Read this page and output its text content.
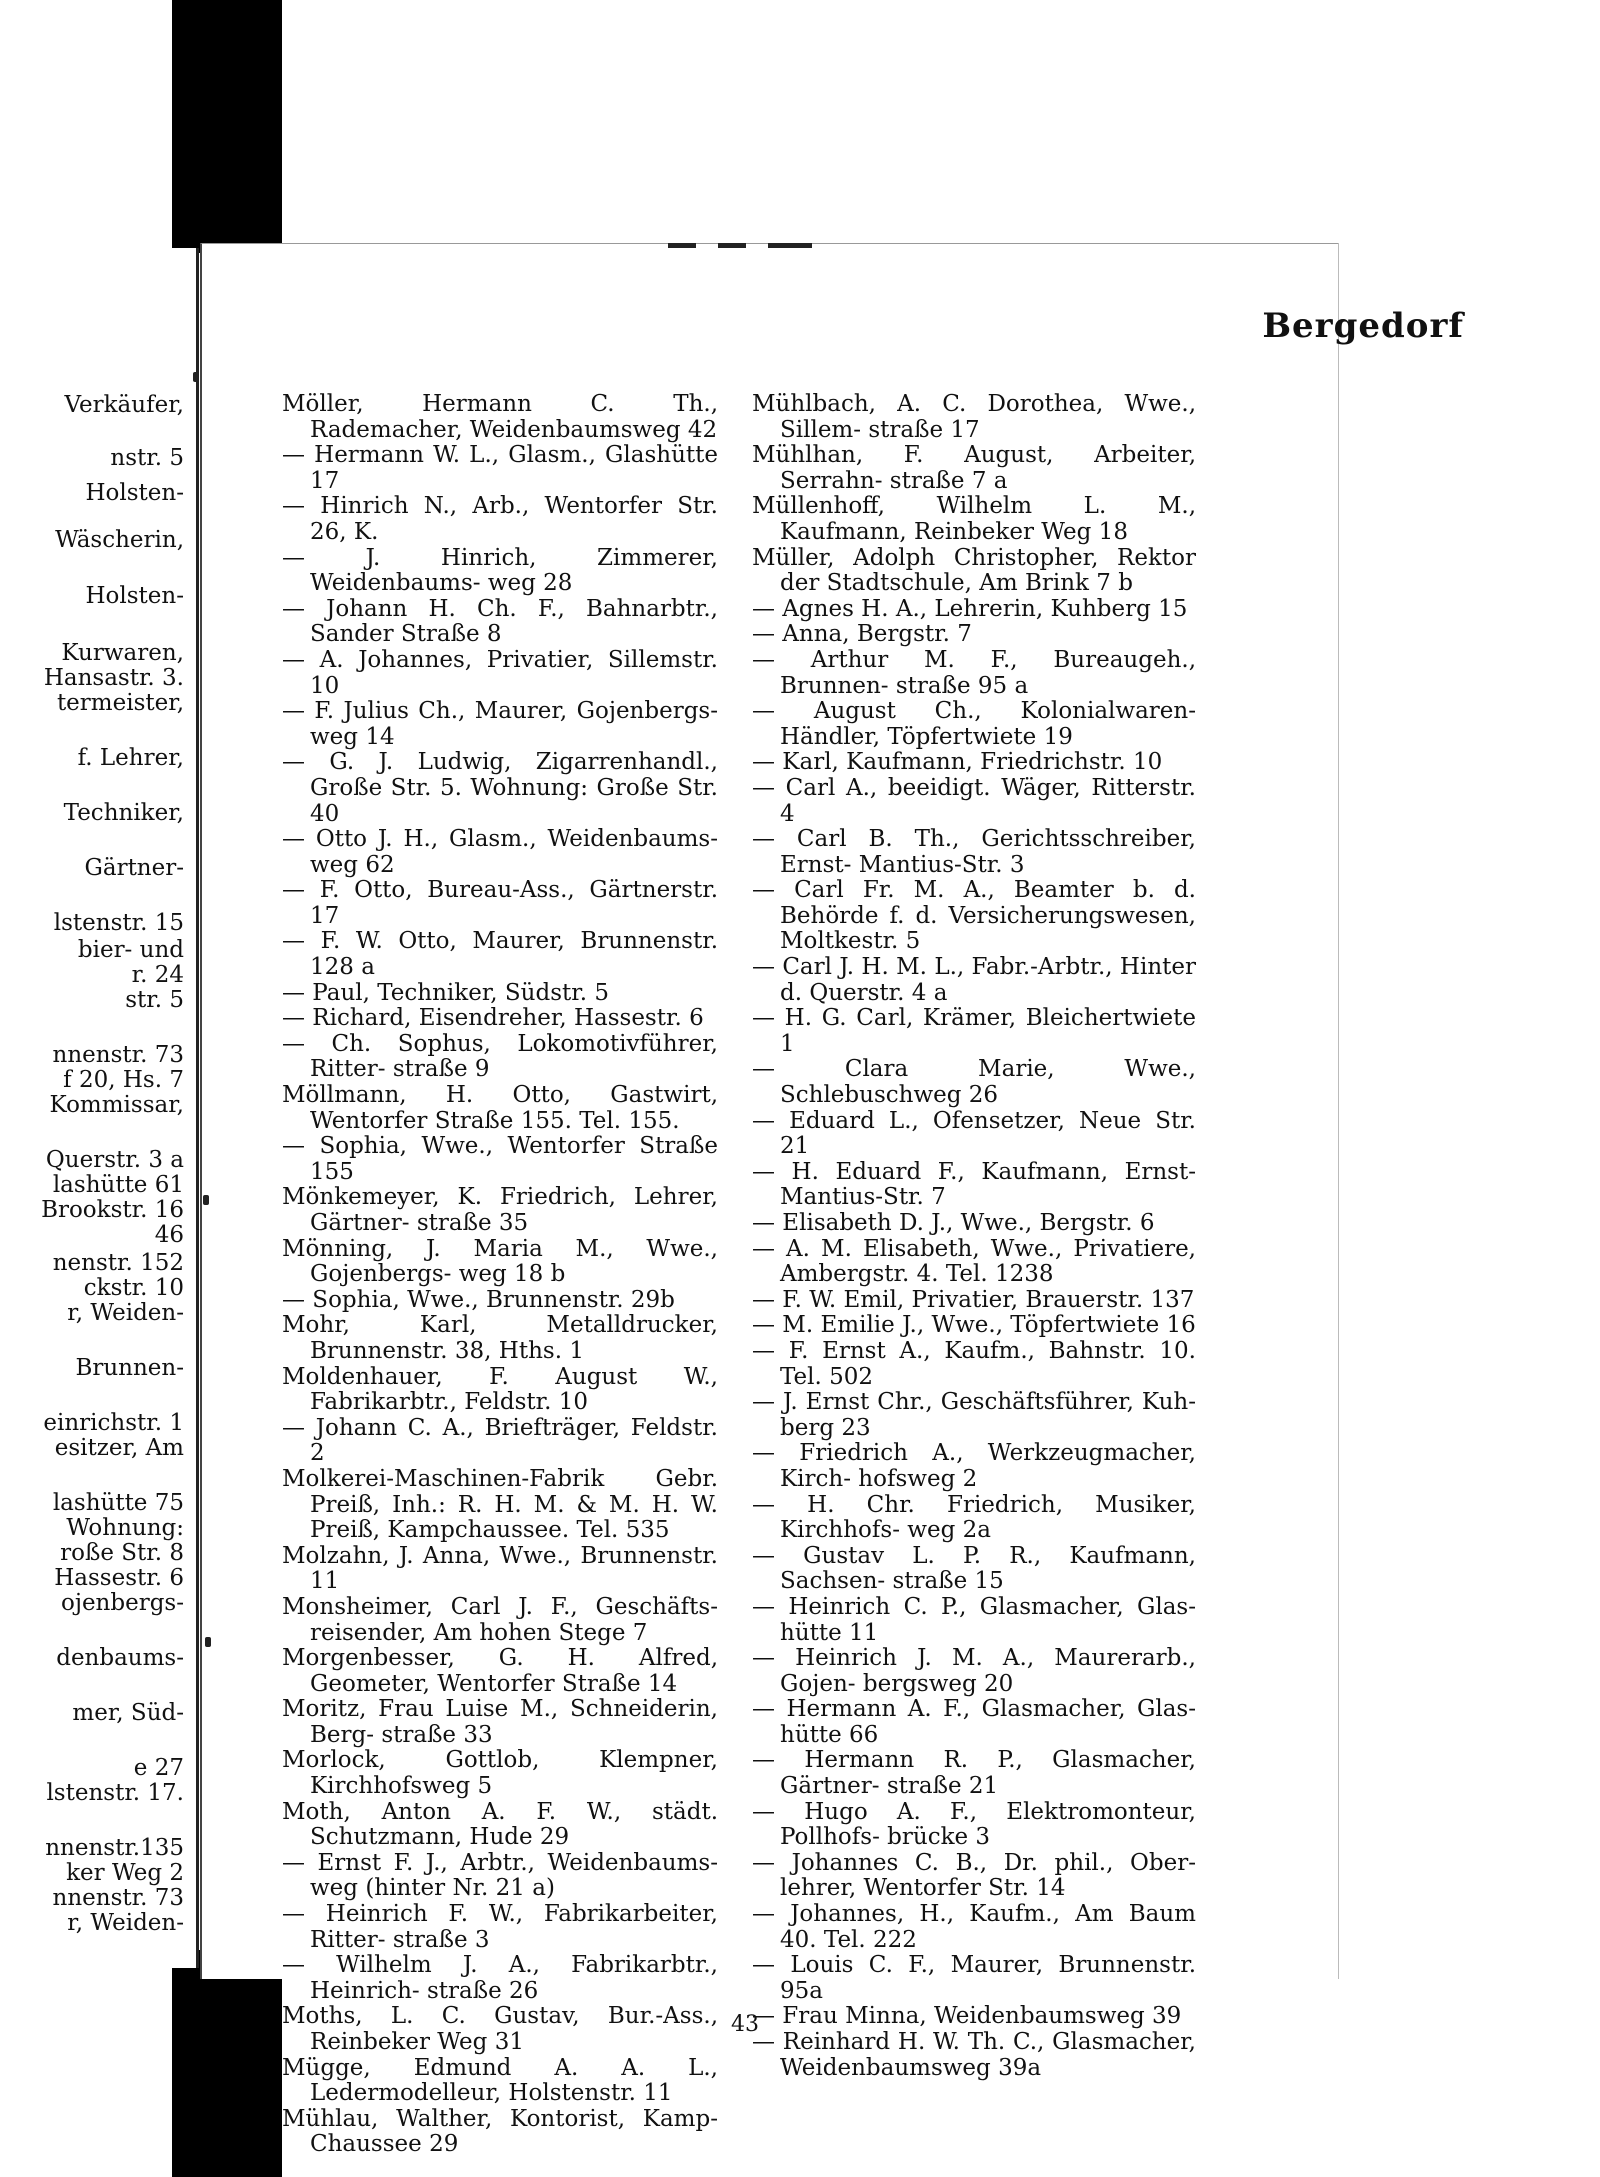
Verkäufer,
nstr. 5
Holsten-
Wäscherin,
Holsten-
Kurwaren,
Hansastr. 3.
termeister,
f. Lehrer,
Techniker,
Gärtner-
lstenstr. 15
bier- und
r. 24
str. 5
nnenstr. 73
f 20, Hs. 7
Kommissar,
Querstr. 3 a
lashütte 61
Brookstr. 16
46
nenstr. 152
ckstr. 10
r, Weiden-
Brunnen-
einrichstr. 1
esitzer, Am
lashütte 75
Wohnung:
roße Str. 8
Hassestr. 6
ojenbergs-
denbaums-
mer, Süd-
e 27
lstenstr. 17.
nnenstr.135
ker Weg 2
nnenstr. 73
r, Weiden-
Bergedorf

Möller, Hermann C. Th., Rademacher, Weidenbaumsweg 42

— Hermann W. L., Glasm., Glashütte 17

— Hinrich N., Arb., Wentorfer Str. 26, K.

— J. Hinrich, Zimmerer, Weidenbaums- weg 28

— Johann H. Ch. F., Bahnarbtr., Sander Straße 8

— A. Johannes, Privatier, Sillemstr. 10

— F. Julius Ch., Maurer, Gojenbergs- weg 14

— G. J. Ludwig, Zigarrenhandl., Große Str. 5. Wohnung: Große Str. 40

— Otto J. H., Glasm., Weidenbaums- weg 62

— F. Otto, Bureau-Ass., Gärtnerstr. 17

— F. W. Otto, Maurer, Brunnenstr. 128 a

— Paul, Techniker, Südstr. 5

— Richard, Eisendreher, Hassestr. 6

— Ch. Sophus, Lokomotivführer, Ritter- straße 9

Möllmann, H. Otto, Gastwirt, Wentorfer Straße 155. Tel. 155.

— Sophia, Wwe., Wentorfer Straße 155

Mönkemeyer, K. Friedrich, Lehrer, Gärtner- straße 35

Mönning, J. Maria M., Wwe., Gojenbergs- weg 18 b

— Sophia, Wwe., Brunnenstr. 29b

Mohr, Karl, Metalldrucker, Brunnenstr. 38, Hths. 1

Moldenhauer, F. August W., Fabrikarbtr., Feldstr. 10

— Johann C. A., Briefträger, Feldstr. 2

Molkerei-Maschinen-Fabrik Gebr. Preiß, Inh.: R. H. M. & M. H. W. Preiß, Kampchaussee. Tel. 535

Molzahn, J. Anna, Wwe., Brunnenstr. 11

Monsheimer, Carl J. F., Geschäfts- reisender, Am hohen Stege 7

Morgenbesser, G. H. Alfred, Geometer, Wentorfer Straße 14

Moritz, Frau Luise M., Schneiderin, Berg- straße 33

Morlock, Gottlob, Klempner, Kirchhofsweg 5

Moth, Anton A. F. W., städt. Schutzmann, Hude 29

— Ernst F. J., Arbtr., Weidenbaums- weg (hinter Nr. 21 a)

— Heinrich F. W., Fabrikarbeiter, Ritter- straße 3

— Wilhelm J. A., Fabrikarbtr., Heinrich- straße 26

Moths, L. C. Gustav, Bur.-Ass., Reinbeker Weg 31

Mügge, Edmund A. A. L., Ledermodelleur, Holstenstr. 11

Mühlau, Walther, Kontorist, Kamp- Chaussee 29

Mühlbach, A. C. Dorothea, Wwe., Sillem- straße 17

Mühlhan, F. August, Arbeiter, Serrahn- straße 7 a

Müllenhoff, Wilhelm L. M., Kaufmann, Reinbeker Weg 18

Müller, Adolph Christopher, Rektor der Stadtschule, Am Brink 7 b

— Agnes H. A., Lehrerin, Kuhberg 15

— Anna, Bergstr. 7

— Arthur M. F., Bureaugeh., Brunnen- straße 95 a

— August Ch., Kolonialwaren-Händler, Töpfertwiete 19

— Karl, Kaufmann, Friedrichstr. 10

— Carl A., beeidigt. Wäger, Ritterstr. 4

— Carl B. Th., Gerichtsschreiber, Ernst- Mantius-Str. 3

— Carl Fr. M. A., Beamter b. d. Behörde f. d. Versicherungswesen, Moltkestr. 5

— Carl J. H. M. L., Fabr.-Arbtr., Hinter d. Querstr. 4 a

— H. G. Carl, Krämer, Bleichertwiete 1

— Clara Marie, Wwe., Schlebuschweg 26

— Eduard L., Ofensetzer, Neue Str. 21

— H. Eduard F., Kaufmann, Ernst- Mantius-Str. 7

— Elisabeth D. J., Wwe., Bergstr. 6

— A. M. Elisabeth, Wwe., Privatiere, Ambergstr. 4. Tel. 1238

— F. W. Emil, Privatier, Brauerstr. 137

— M. Emilie J., Wwe., Töpfertwiete 16

— F. Ernst A., Kaufm., Bahnstr. 10. Tel. 502

— J. Ernst Chr., Geschäftsführer, Kuh- berg 23

— Friedrich A., Werkzeugmacher, Kirch- hofsweg 2

— H. Chr. Friedrich, Musiker, Kirchhofs- weg 2a

— Gustav L. P. R., Kaufmann, Sachsen- straße 15

— Heinrich C. P., Glasmacher, Glas- hütte 11

— Heinrich J. M. A., Maurerarb., Gojen- bergsweg 20

— Hermann A. F., Glasmacher, Glas- hütte 66

— Hermann R. P., Glasmacher, Gärtner- straße 21

— Hugo A. F., Elektromonteur, Pollhofs- brücke 3

— Johannes C. B., Dr. phil., Ober- lehrer, Wentorfer Str. 14

— Johannes, H., Kaufm., Am Baum 40. Tel. 222

— Louis C. F., Maurer, Brunnenstr. 95a

— Frau Minna, Weidenbaumsweg 39

— Reinhard H. W. Th. C., Glasmacher, Weidenbaumsweg 39a

43
